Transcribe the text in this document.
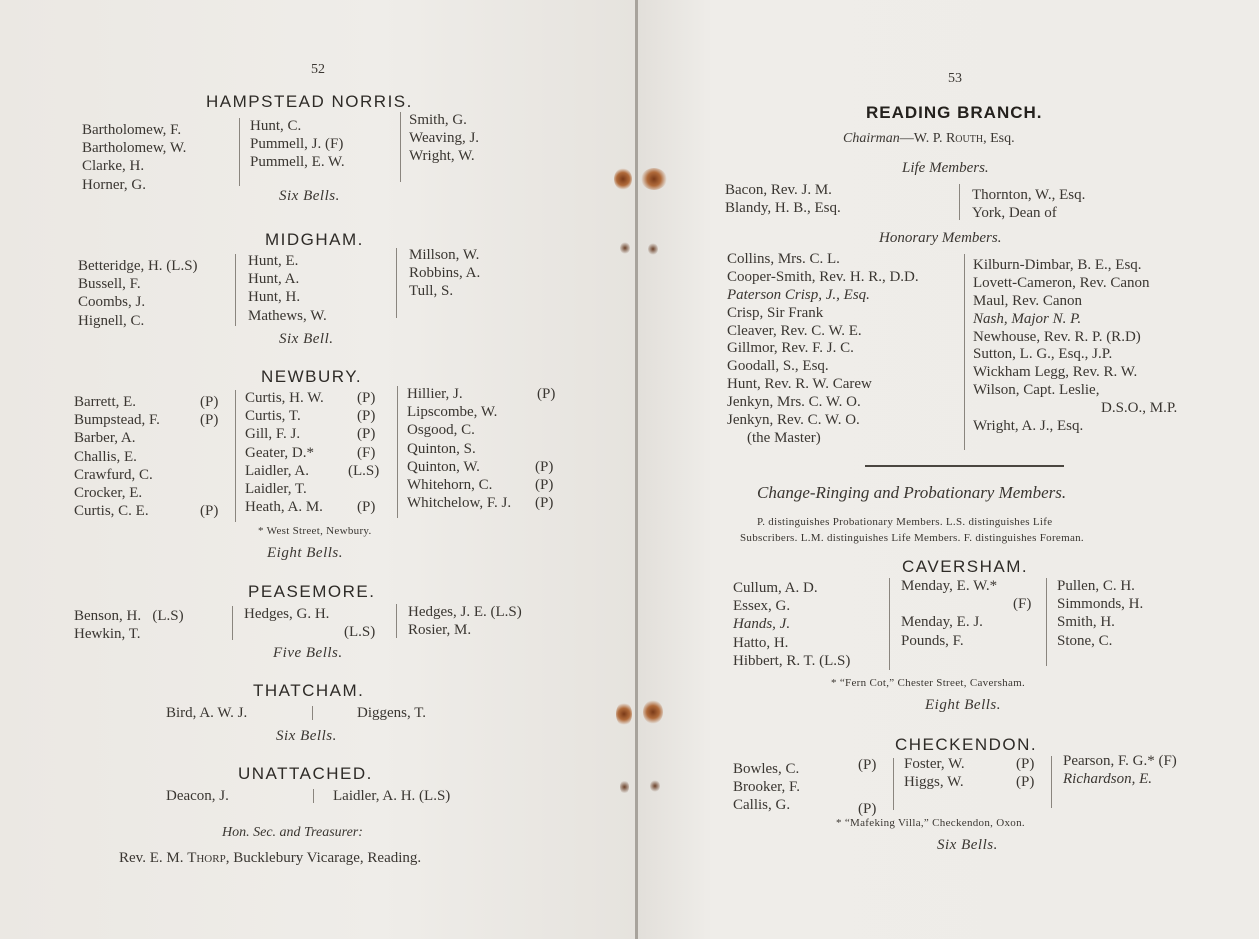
52
HAMPSTEAD NORRIS.
Bartholomew, F.
Bartholomew, W.
Clarke, H.
Horner, G.
Hunt, C.
Pummell, J. (F)
Pummell, E. W.
Smith, G.
Weaving, J.
Wright, W.
Six Bells.
MIDGHAM.
Betteridge, H. (L.S)
Bussell, F.
Coombs, J.
Hignell, C.
Hunt, E.
Hunt, A.
Hunt, H.
Mathews, W.
Millson, W.
Robbins, A.
Tull, S.
Six Bell.
NEWBURY.
Barrett, E.
Bumpstead, F.
Barber, A.
Challis, E.
Crawfurd, C.
Crocker, E.
Curtis, C. E.
(P)
(P)
(P)
Curtis, H. W.
Curtis, T.
Gill, F. J.
Geater, D.*
Laidler, A.
Laidler, T.
Heath, A. M.
(P)
(P)
(P)
(F)
(L.S)
(P)
Hillier, J.
Lipscombe, W.
Osgood, C.
Quinton, S.
Quinton, W.
Whitehorn, C.
Whitchelow, F. J.
(P)
(P)
(P)
(P)
* West Street, Newbury.
Eight Bells.
PEASEMORE.
Benson, H.   (L.S)
Hewkin, T.
Hedges, G. H.
(L.S)
Hedges, J. E. (L.S)
Rosier, M.
Five Bells.
THATCHAM.
Bird, A. W. J.	Diggens, T.
Six Bells.
UNATTACHED.
Deacon, J.	Laidler, A. H. (L.S)
Hon. Sec. and Treasurer:
Rev. E. M. Thorp, Bucklebury Vicarage, Reading.
53
READING BRANCH.
Chairman—W. P. Routh, Esq.
Life Members.
Bacon, Rev. J. M.
Blandy, H. B., Esq.
Thornton, W., Esq.
York, Dean of
Honorary Members.
Collins, Mrs. C. L.
Cooper-Smith, Rev. H. R., D.D.
Paterson Crisp, J., Esq.
Crisp, Sir Frank
Cleaver, Rev. C. W. E.
Gillmor, Rev. F. J. C.
Goodall, S., Esq.
Hunt, Rev. R. W. Carew
Jenkyn, Mrs. C. W. O.
Jenkyn, Rev. C. W. O.
(the Master)
Kilburn-Dimbar, B. E., Esq.
Lovett-Cameron, Rev. Canon
Maul, Rev. Canon
Nash, Major N. P.
Newhouse, Rev. R. P. (R.D)
Sutton, L. G., Esq., J.P.
Wickham Legg, Rev. R. W.
Wilson, Capt. Leslie,
D.S.O., M.P.
Wright, A. J., Esq.
Change-Ringing and Probationary Members.
P. distinguishes Probationary Members. L.S. distinguishes Life
Subscribers. L.M. distinguishes Life Members. F. distinguishes Foreman.
CAVERSHAM.
Cullum, A. D.
Essex, G.
Hands, J.
Hatto, H.
Hibbert, R. T. (L.S)
Menday, E. W.*
(F)
Menday, E. J.
Pounds, F.
Pullen, C. H.
Simmonds, H.
Smith, H.
Stone, C.
* “Fern Cot,” Chester Street, Caversham.
Eight Bells.
CHECKENDON.
Bowles, C.
Brooker, F.
Callis, G.
(P)
(P)
Foster, W.
Higgs, W.
(P)
(P)
Pearson, F. G.* (F)
Richardson, E.
* “Mafeking Villa,” Checkendon, Oxon.
Six Bells.
